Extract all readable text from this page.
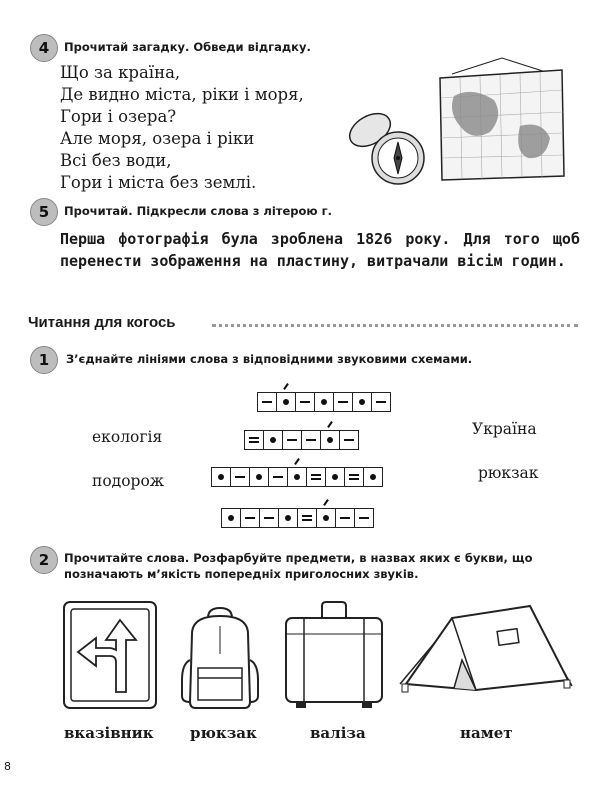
4	Прочитай загадку. Обведи відгадку.
Що за країна,
Де видно міста, ріки і моря,
Гори і озера?
Але моря, озера і ріки
Всі без води,
Гори і міста без землі.
5	Прочитай. Підкресли слова з літерою г.
Перша фотографія була зроблена 1826 року. Для того щоб перенести зображення на пластину, витрачали вісім годин.
Читання для когось
1	З’єднайте лініями слова з відповідними звуковими схемами.
екологія
подорож
Україна
рюкзак
2	Прочитайте слова. Розфарбуйте предмети, в назвах яких є букви, що позначають м’якість попередніх приголосних звуків.
вказівник рюкзак	валіза	намет
8
